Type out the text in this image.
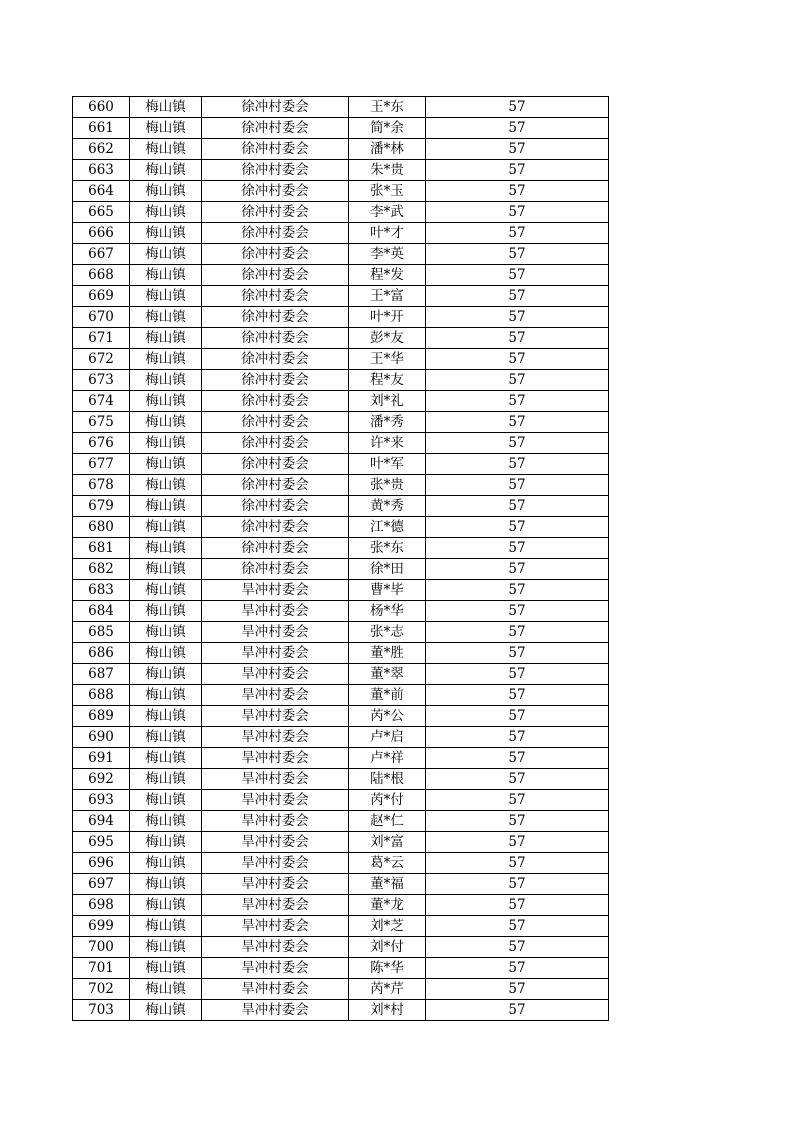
660	梅山镇	徐冲村委会	王*东	57
661	梅山镇	徐冲村委会	简*余	57
662	梅山镇	徐冲村委会	潘*林	57
663	梅山镇	徐冲村委会	朱*贵	57
664	梅山镇	徐冲村委会	张*玉	57
665	梅山镇	徐冲村委会	李*武	57
666	梅山镇	徐冲村委会	叶*才	57
667	梅山镇	徐冲村委会	李*英	57
668	梅山镇	徐冲村委会	程*发	57
669	梅山镇	徐冲村委会	王*富	57
670	梅山镇	徐冲村委会	叶*开	57
671	梅山镇	徐冲村委会	彭*友	57
672	梅山镇	徐冲村委会	王*华	57
673	梅山镇	徐冲村委会	程*友	57
674	梅山镇	徐冲村委会	刘*礼	57
675	梅山镇	徐冲村委会	潘*秀	57
676	梅山镇	徐冲村委会	许*来	57
677	梅山镇	徐冲村委会	叶*军	57
678	梅山镇	徐冲村委会	张*贵	57
679	梅山镇	徐冲村委会	黄*秀	57
680	梅山镇	徐冲村委会	江*德	57
681	梅山镇	徐冲村委会	张*东	57
682	梅山镇	徐冲村委会	徐*田	57
683	梅山镇	旱冲村委会	曹*毕	57
684	梅山镇	旱冲村委会	杨*华	57
685	梅山镇	旱冲村委会	张*志	57
686	梅山镇	旱冲村委会	董*胜	57
687	梅山镇	旱冲村委会	董*翠	57
688	梅山镇	旱冲村委会	董*前	57
689	梅山镇	旱冲村委会	芮*公	57
690	梅山镇	旱冲村委会	卢*启	57
691	梅山镇	旱冲村委会	卢*祥	57
692	梅山镇	旱冲村委会	陆*根	57
693	梅山镇	旱冲村委会	芮*付	57
694	梅山镇	旱冲村委会	赵*仁	57
695	梅山镇	旱冲村委会	刘*富	57
696	梅山镇	旱冲村委会	葛*云	57
697	梅山镇	旱冲村委会	董*福	57
698	梅山镇	旱冲村委会	董*龙	57
699	梅山镇	旱冲村委会	刘*芝	57
700	梅山镇	旱冲村委会	刘*付	57
701	梅山镇	旱冲村委会	陈*华	57
702	梅山镇	旱冲村委会	芮*芹	57
703	梅山镇	旱冲村委会	刘*村	57
